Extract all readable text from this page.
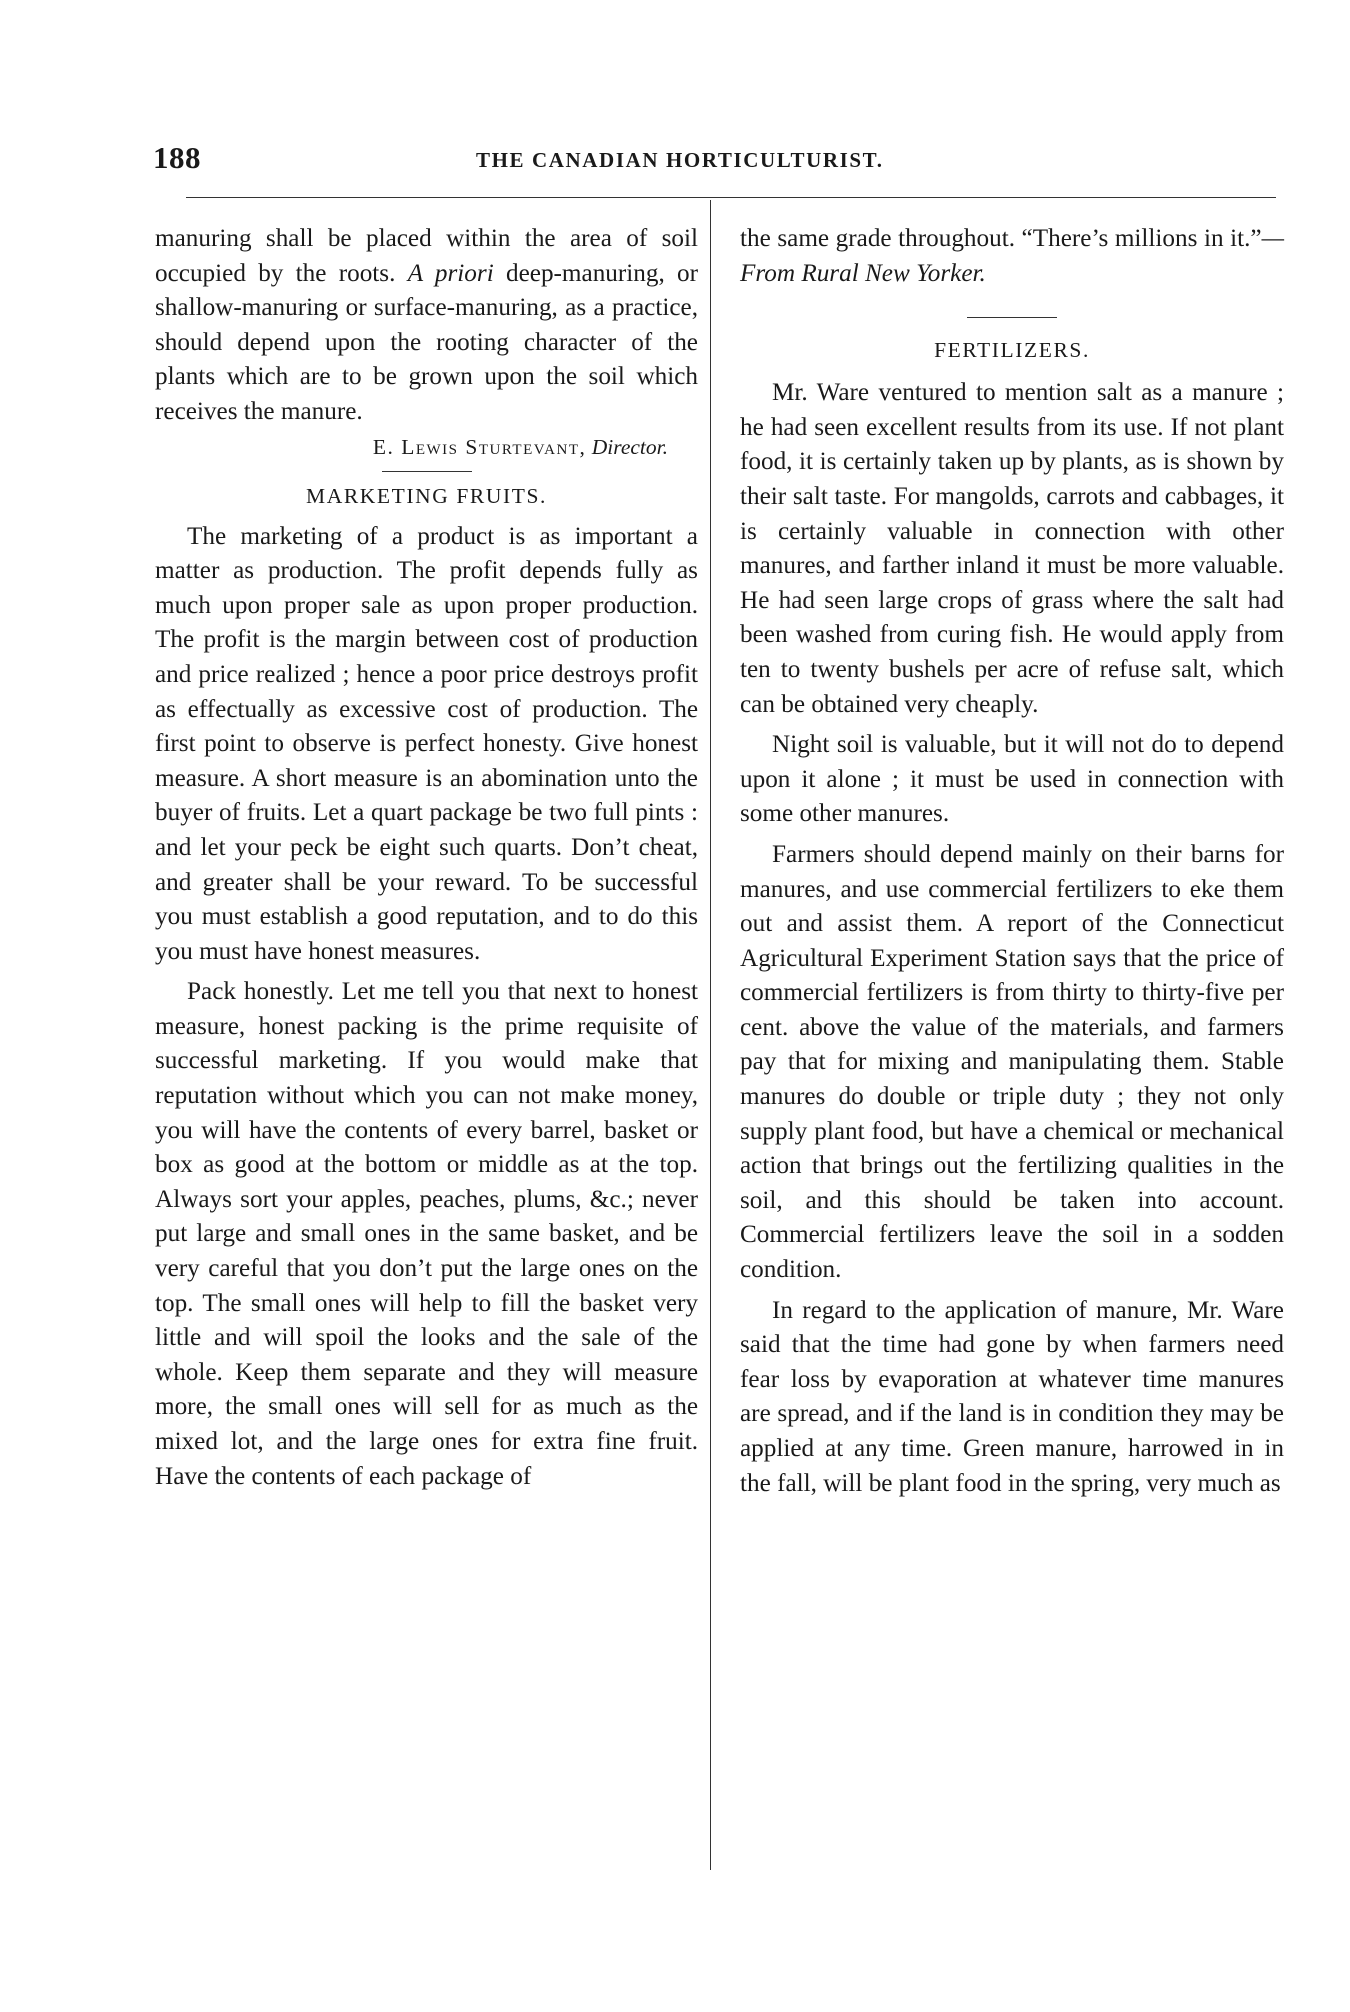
188	THE CANADIAN HORTICULTURIST.

manuring shall be placed within the area of soil occupied by the roots. A priori deep-manuring, or shallow-manuring or surface-manuring, as a practice, should depend upon the rooting character of the plants which are to be grown upon the soil which receives the manure.

E. Lewis Sturtevant, Director.

MARKETING FRUITS.

The marketing of a product is as important a matter as production. The profit depends fully as much upon proper sale as upon proper production. The profit is the margin between cost of production and price realized ; hence a poor price destroys profit as effectually as excessive cost of production. The first point to observe is perfect honesty. Give honest measure. A short measure is an abomination unto the buyer of fruits. Let a quart package be two full pints : and let your peck be eight such quarts. Don’t cheat, and greater shall be your reward. To be successful you must establish a good reputation, and to do this you must have honest measures.

Pack honestly. Let me tell you that next to honest measure, honest packing is the prime requisite of successful marketing. If you would make that reputation without which you can not make money, you will have the contents of every barrel, basket or box as good at the bottom or middle as at the top. Always sort your apples, peaches, plums, &c.; never put large and small ones in the same basket, and be very careful that you don’t put the large ones on the top. The small ones will help to fill the basket very little and will spoil the looks and the sale of the whole. Keep them separate and they will measure more, the small ones will sell for as much as the mixed lot, and the large ones for extra fine fruit. Have the contents of each package of

the same grade throughout. “There’s millions in it.”—From Rural New Yorker.

FERTILIZERS.

Mr. Ware ventured to mention salt as a manure ; he had seen excellent results from its use. If not plant food, it is certainly taken up by plants, as is shown by their salt taste. For mangolds, carrots and cabbages, it is certainly valuable in connection with other manures, and farther inland it must be more valuable. He had seen large crops of grass where the salt had been washed from curing fish. He would apply from ten to twenty bushels per acre of refuse salt, which can be obtained very cheaply.

Night soil is valuable, but it will not do to depend upon it alone ; it must be used in connection with some other manures.

Farmers should depend mainly on their barns for manures, and use commercial fertilizers to eke them out and assist them. A report of the Connecticut Agricultural Experiment Station says that the price of commercial fertilizers is from thirty to thirty-five per cent. above the value of the materials, and farmers pay that for mixing and manipulating them. Stable manures do double or triple duty ; they not only supply plant food, but have a chemical or mechanical action that brings out the fertilizing qualities in the soil, and this should be taken into account. Commercial fertilizers leave the soil in a sodden condition.

In regard to the application of manure, Mr. Ware said that the time had gone by when farmers need fear loss by evaporation at whatever time manures are spread, and if the land is in condition they may be applied at any time. Green manure, harrowed in in the fall, will be plant food in the spring, very much as
